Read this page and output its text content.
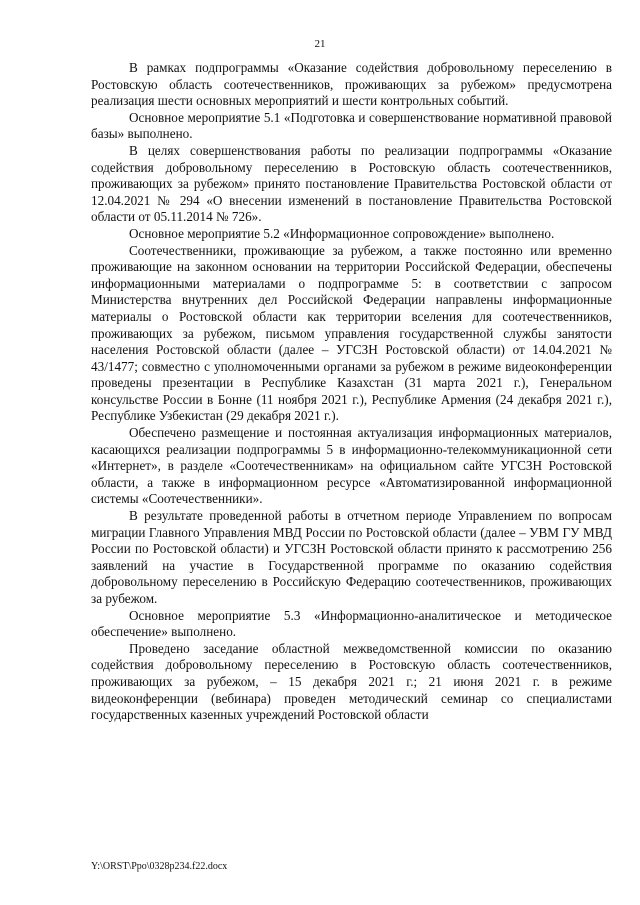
21

В рамках подпрограммы «Оказание содействия добровольному переселению в Ростовскую область соотечественников, проживающих за рубежом» предусмотрена реализация шести основных мероприятий и шести контрольных событий.

Основное мероприятие 5.1 «Подготовка и совершенствование нормативной правовой базы» выполнено.

В целях совершенствования работы по реализации подпрограммы «Оказание содействия добровольному переселению в Ростовскую область соотечественников, проживающих за рубежом» принято постановление Правительства Ростовской области от 12.04.2021 № 294 «О внесении изменений в постановление Правительства Ростовской области от 05.11.2014 № 726».

Основное мероприятие 5.2 «Информационное сопровождение» выполнено.

Соотечественники, проживающие за рубежом, а также постоянно или временно проживающие на законном основании на территории Российской Федерации, обеспечены информационными материалами о подпрограмме 5: в соответствии с запросом Министерства внутренних дел Российской Федерации направлены информационные материалы о Ростовской области как территории вселения для соотечественников, проживающих за рубежом, письмом управления государственной службы занятости населения Ростовской области (далее – УГСЗН Ростовской области) от 14.04.2021 № 43/1477; совместно с уполномоченными органами за рубежом в режиме видеоконференции проведены презентации в Республике Казахстан (31 марта 2021 г.), Генеральном консульстве России в Бонне (11 ноября 2021 г.), Республике Армения (24 декабря 2021 г.), Республике Узбекистан (29 декабря 2021 г.).

Обеспечено размещение и постоянная актуализация информационных материалов, касающихся реализации подпрограммы 5 в информационно-телекоммуникационной сети «Интернет», в разделе «Соотечественникам» на официальном сайте УГСЗН Ростовской области, а также в информационном ресурсе «Автоматизированной информационной системы «Соотечественники».

В результате проведенной работы в отчетном периоде Управлением по вопросам миграции Главного Управления МВД России по Ростовской области (далее – УВМ ГУ МВД России по Ростовской области) и УГСЗН Ростовской области принято к рассмотрению 256 заявлений на участие в Государственной программе по оказанию содействия добровольному переселению в Российскую Федерацию соотечественников, проживающих за рубежом.

Основное мероприятие 5.3 «Информационно-аналитическое и методическое обеспечение» выполнено.

Проведено заседание областной межведомственной комиссии по оказанию содействия добровольному переселению в Ростовскую область соотечественников, проживающих за рубежом, – 15 декабря 2021 г.; 21 июня 2021 г. в режиме видеоконференции (вебинара) проведен методический семинар со специалистами государственных казенных учреждений Ростовской области

Y:\ORST\Ppo\0328p234.f22.docx
